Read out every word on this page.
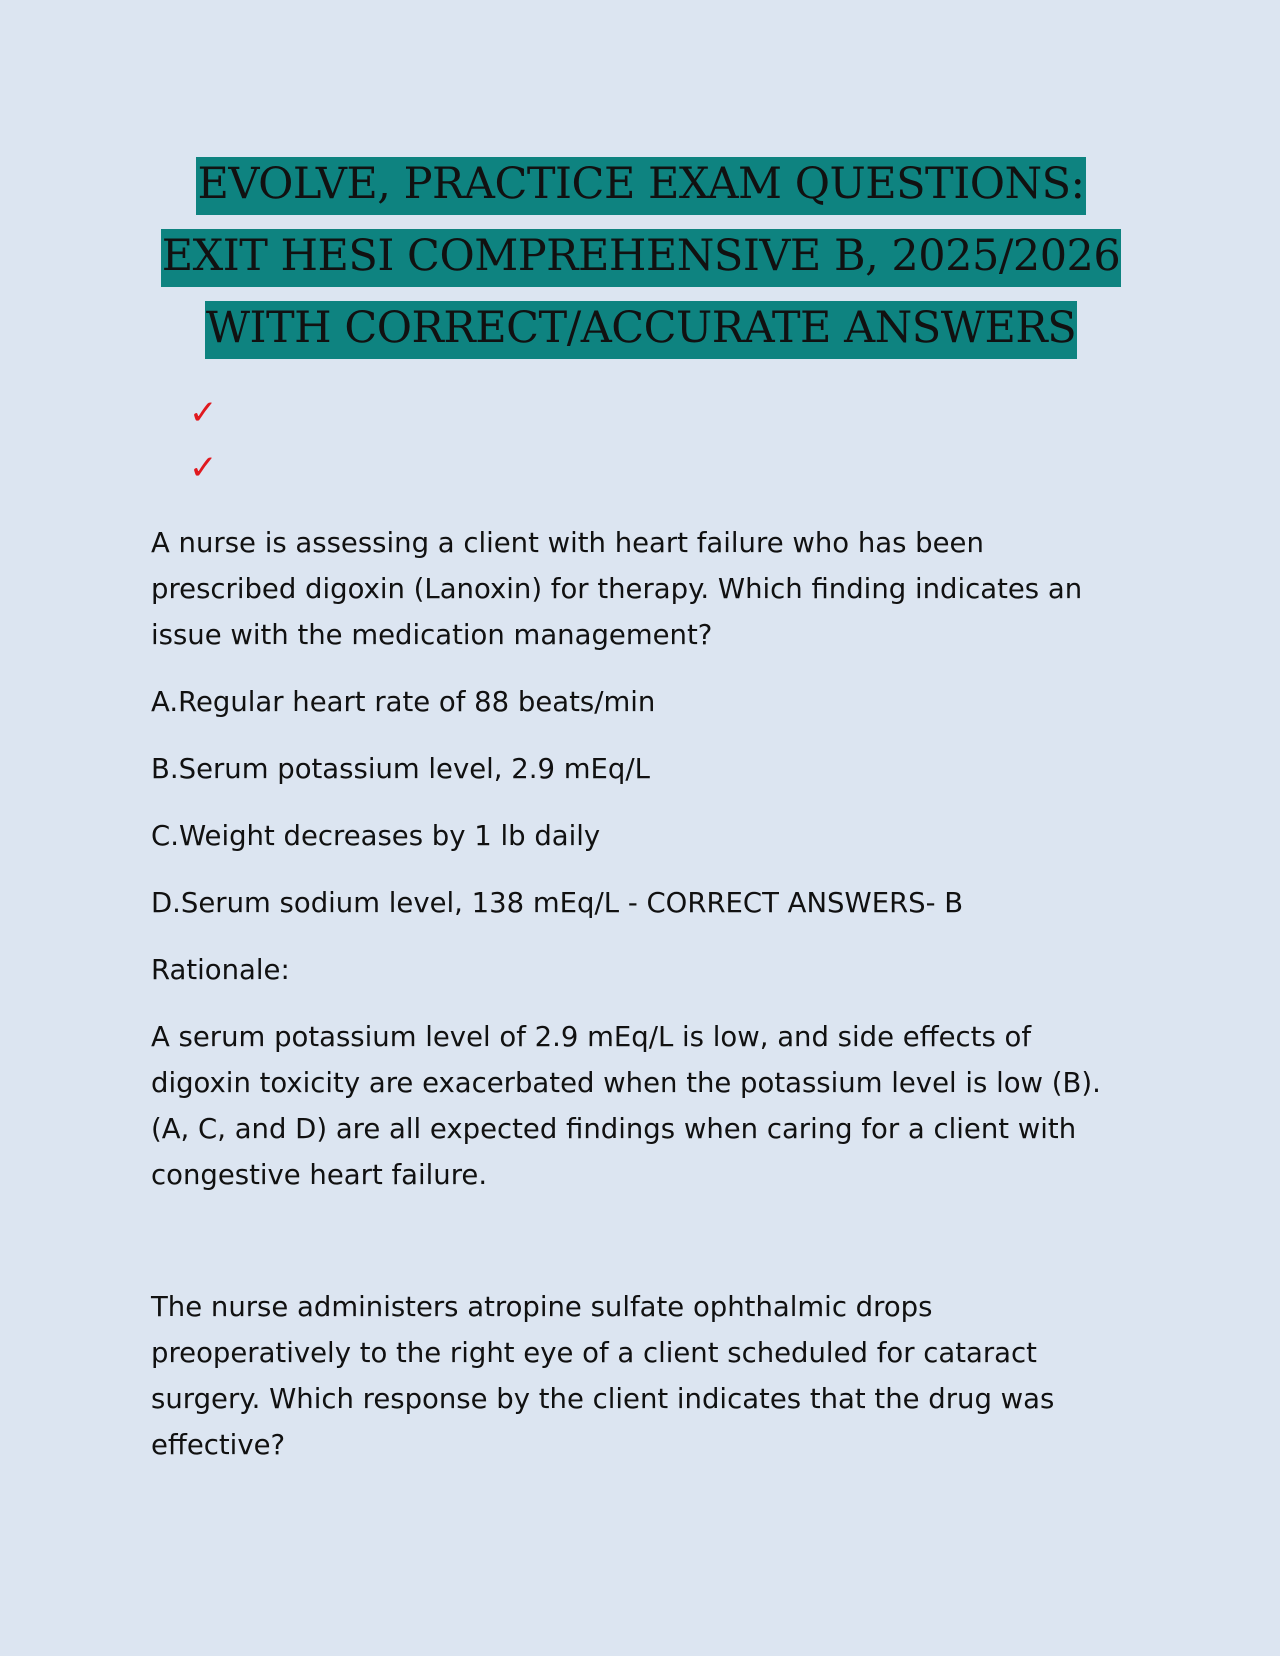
EVOLVE, PRACTICE EXAM QUESTIONS: EXIT HESI COMPREHENSIVE B, 2025/2026 WITH CORRECT/ACCURATE ANSWERS
✓
✓

A nurse is assessing a client with heart failure who has been prescribed digoxin (Lanoxin) for therapy. Which finding indicates an issue with the medication management?

A.Regular heart rate of 88 beats/min

B.Serum potassium level, 2.9 mEq/L

C.Weight decreases by 1 lb daily

D.Serum sodium level, 138 mEq/L - CORRECT ANSWERS- B

Rationale:

A serum potassium level of 2.9 mEq/L is low, and side effects of digoxin toxicity are exacerbated when the potassium level is low (B). (A, C, and D) are all expected findings when caring for a client with congestive heart failure.

The nurse administers atropine sulfate ophthalmic drops preoperatively to the right eye of a client scheduled for cataract surgery. Which response by the client indicates that the drug was effective?
